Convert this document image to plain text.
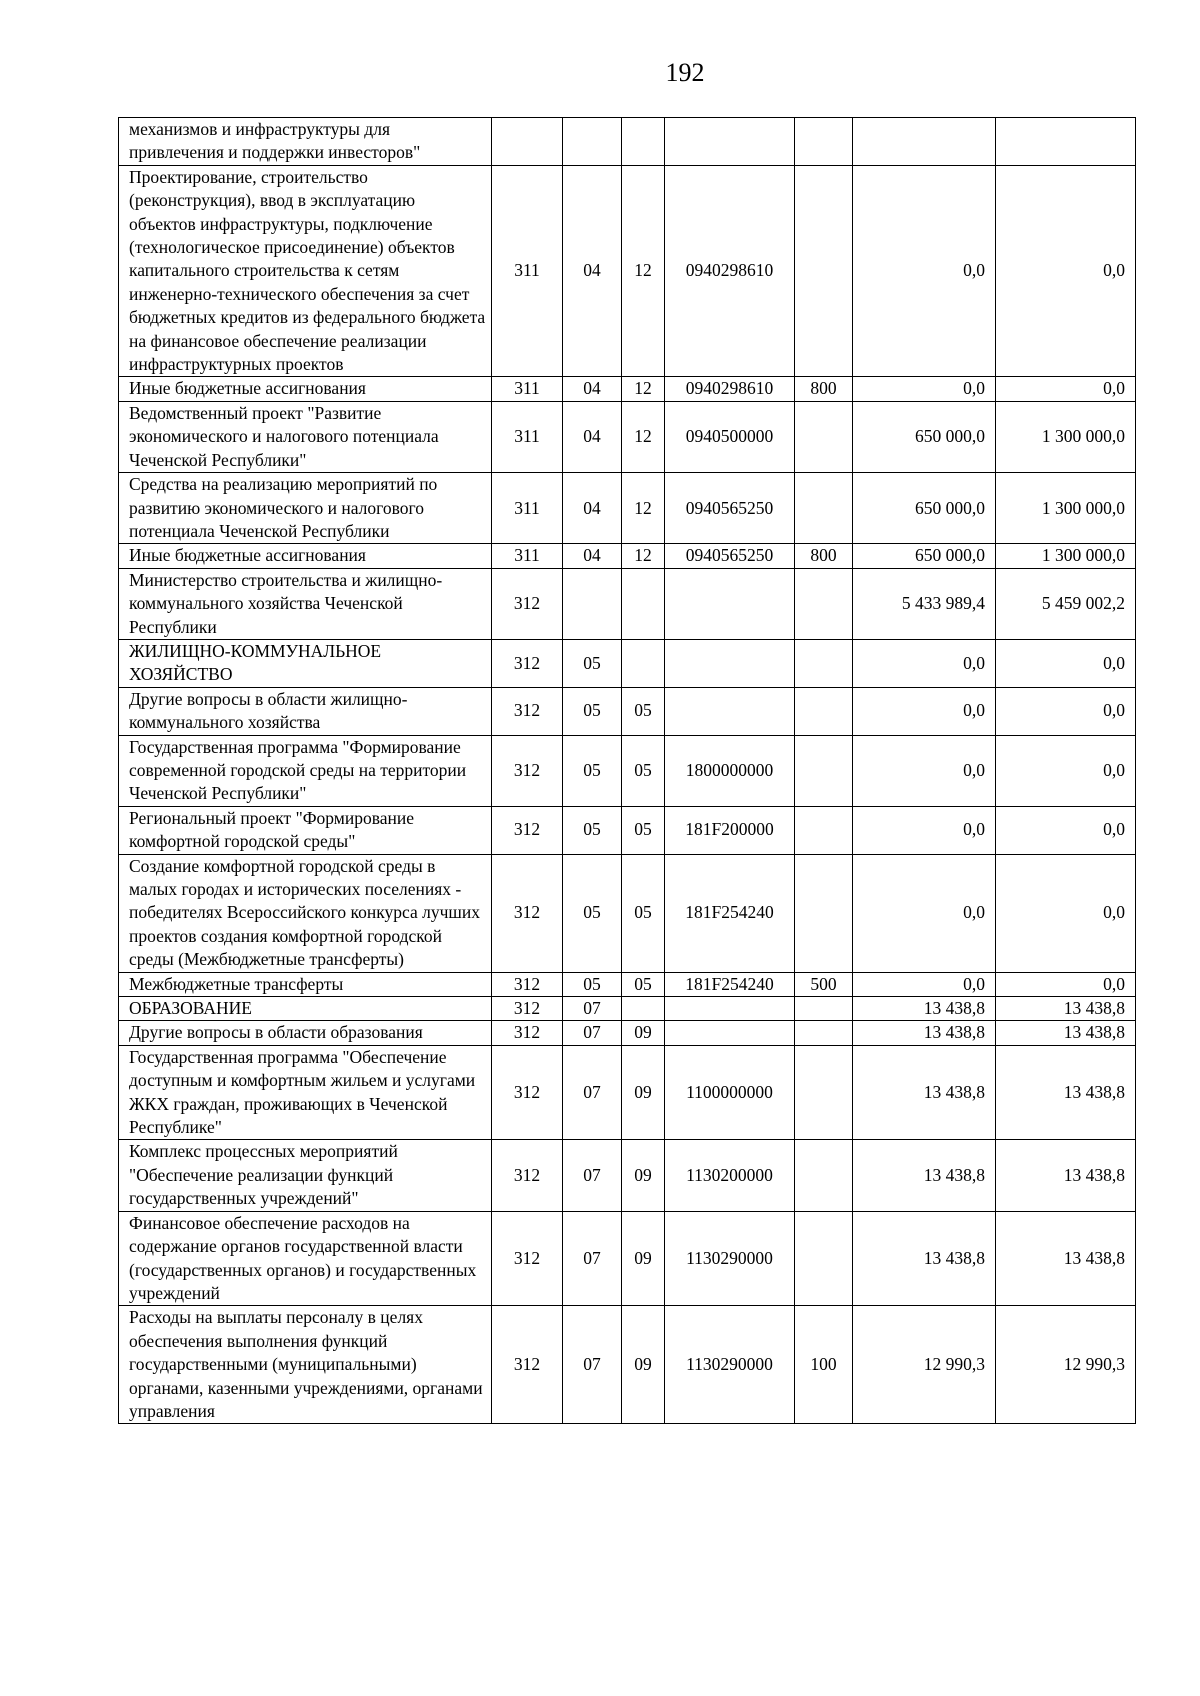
192
механизмов и инфраструктуры для привлечения и поддержки инвесторов"							
Проектирование, строительство (реконструкция), ввод в эксплуатацию объектов инфраструктуры, подключение (технологическое присоединение) объектов капитального строительства к сетям инженерно-технического обеспечения за счет бюджетных кредитов из федерального бюджета на финансовое обеспечение реализации инфраструктурных проектов	311	04	12	0940298610		0,0	0,0
Иные бюджетные ассигнования	311	04	12	0940298610	800	0,0	0,0
Ведомственный проект "Развитие экономического и налогового потенциала Чеченской Республики"	311	04	12	0940500000		650 000,0	1 300 000,0
Средства на реализацию мероприятий по развитию экономического и налогового потенциала Чеченской Республики	311	04	12	0940565250		650 000,0	1 300 000,0
Иные бюджетные ассигнования	311	04	12	0940565250	800	650 000,0	1 300 000,0
Министерство строительства и жилищно-коммунального хозяйства Чеченской Республики	312					5 433 989,4	5 459 002,2
ЖИЛИЩНО-КОММУНАЛЬНОЕ ХОЗЯЙСТВО	312	05				0,0	0,0
Другие вопросы в области жилищно-коммунального хозяйства	312	05	05			0,0	0,0
Государственная программа "Формирование современной городской среды на территории Чеченской Республики"	312	05	05	1800000000		0,0	0,0
Региональный проект "Формирование комфортной городской среды"	312	05	05	181F200000		0,0	0,0
Создание комфортной городской среды в малых городах и исторических поселениях - победителях Всероссийского конкурса лучших проектов создания комфортной городской среды (Межбюджетные трансферты)	312	05	05	181F254240		0,0	0,0
Межбюджетные трансферты	312	05	05	181F254240	500	0,0	0,0
ОБРАЗОВАНИЕ	312	07				13 438,8	13 438,8
Другие вопросы в области образования	312	07	09			13 438,8	13 438,8
Государственная программа "Обеспечение доступным и комфортным жильем и услугами ЖКХ граждан, проживающих в Чеченской Республике"	312	07	09	1100000000		13 438,8	13 438,8
Комплекс процессных мероприятий "Обеспечение реализации функций государственных учреждений"	312	07	09	1130200000		13 438,8	13 438,8
Финансовое обеспечение расходов на содержание органов государственной власти (государственных органов) и государственных учреждений	312	07	09	1130290000		13 438,8	13 438,8
Расходы на выплаты персоналу в целях обеспечения выполнения функций государственными (муниципальными) органами, казенными учреждениями, органами управления	312	07	09	1130290000	100	12 990,3	12 990,3
